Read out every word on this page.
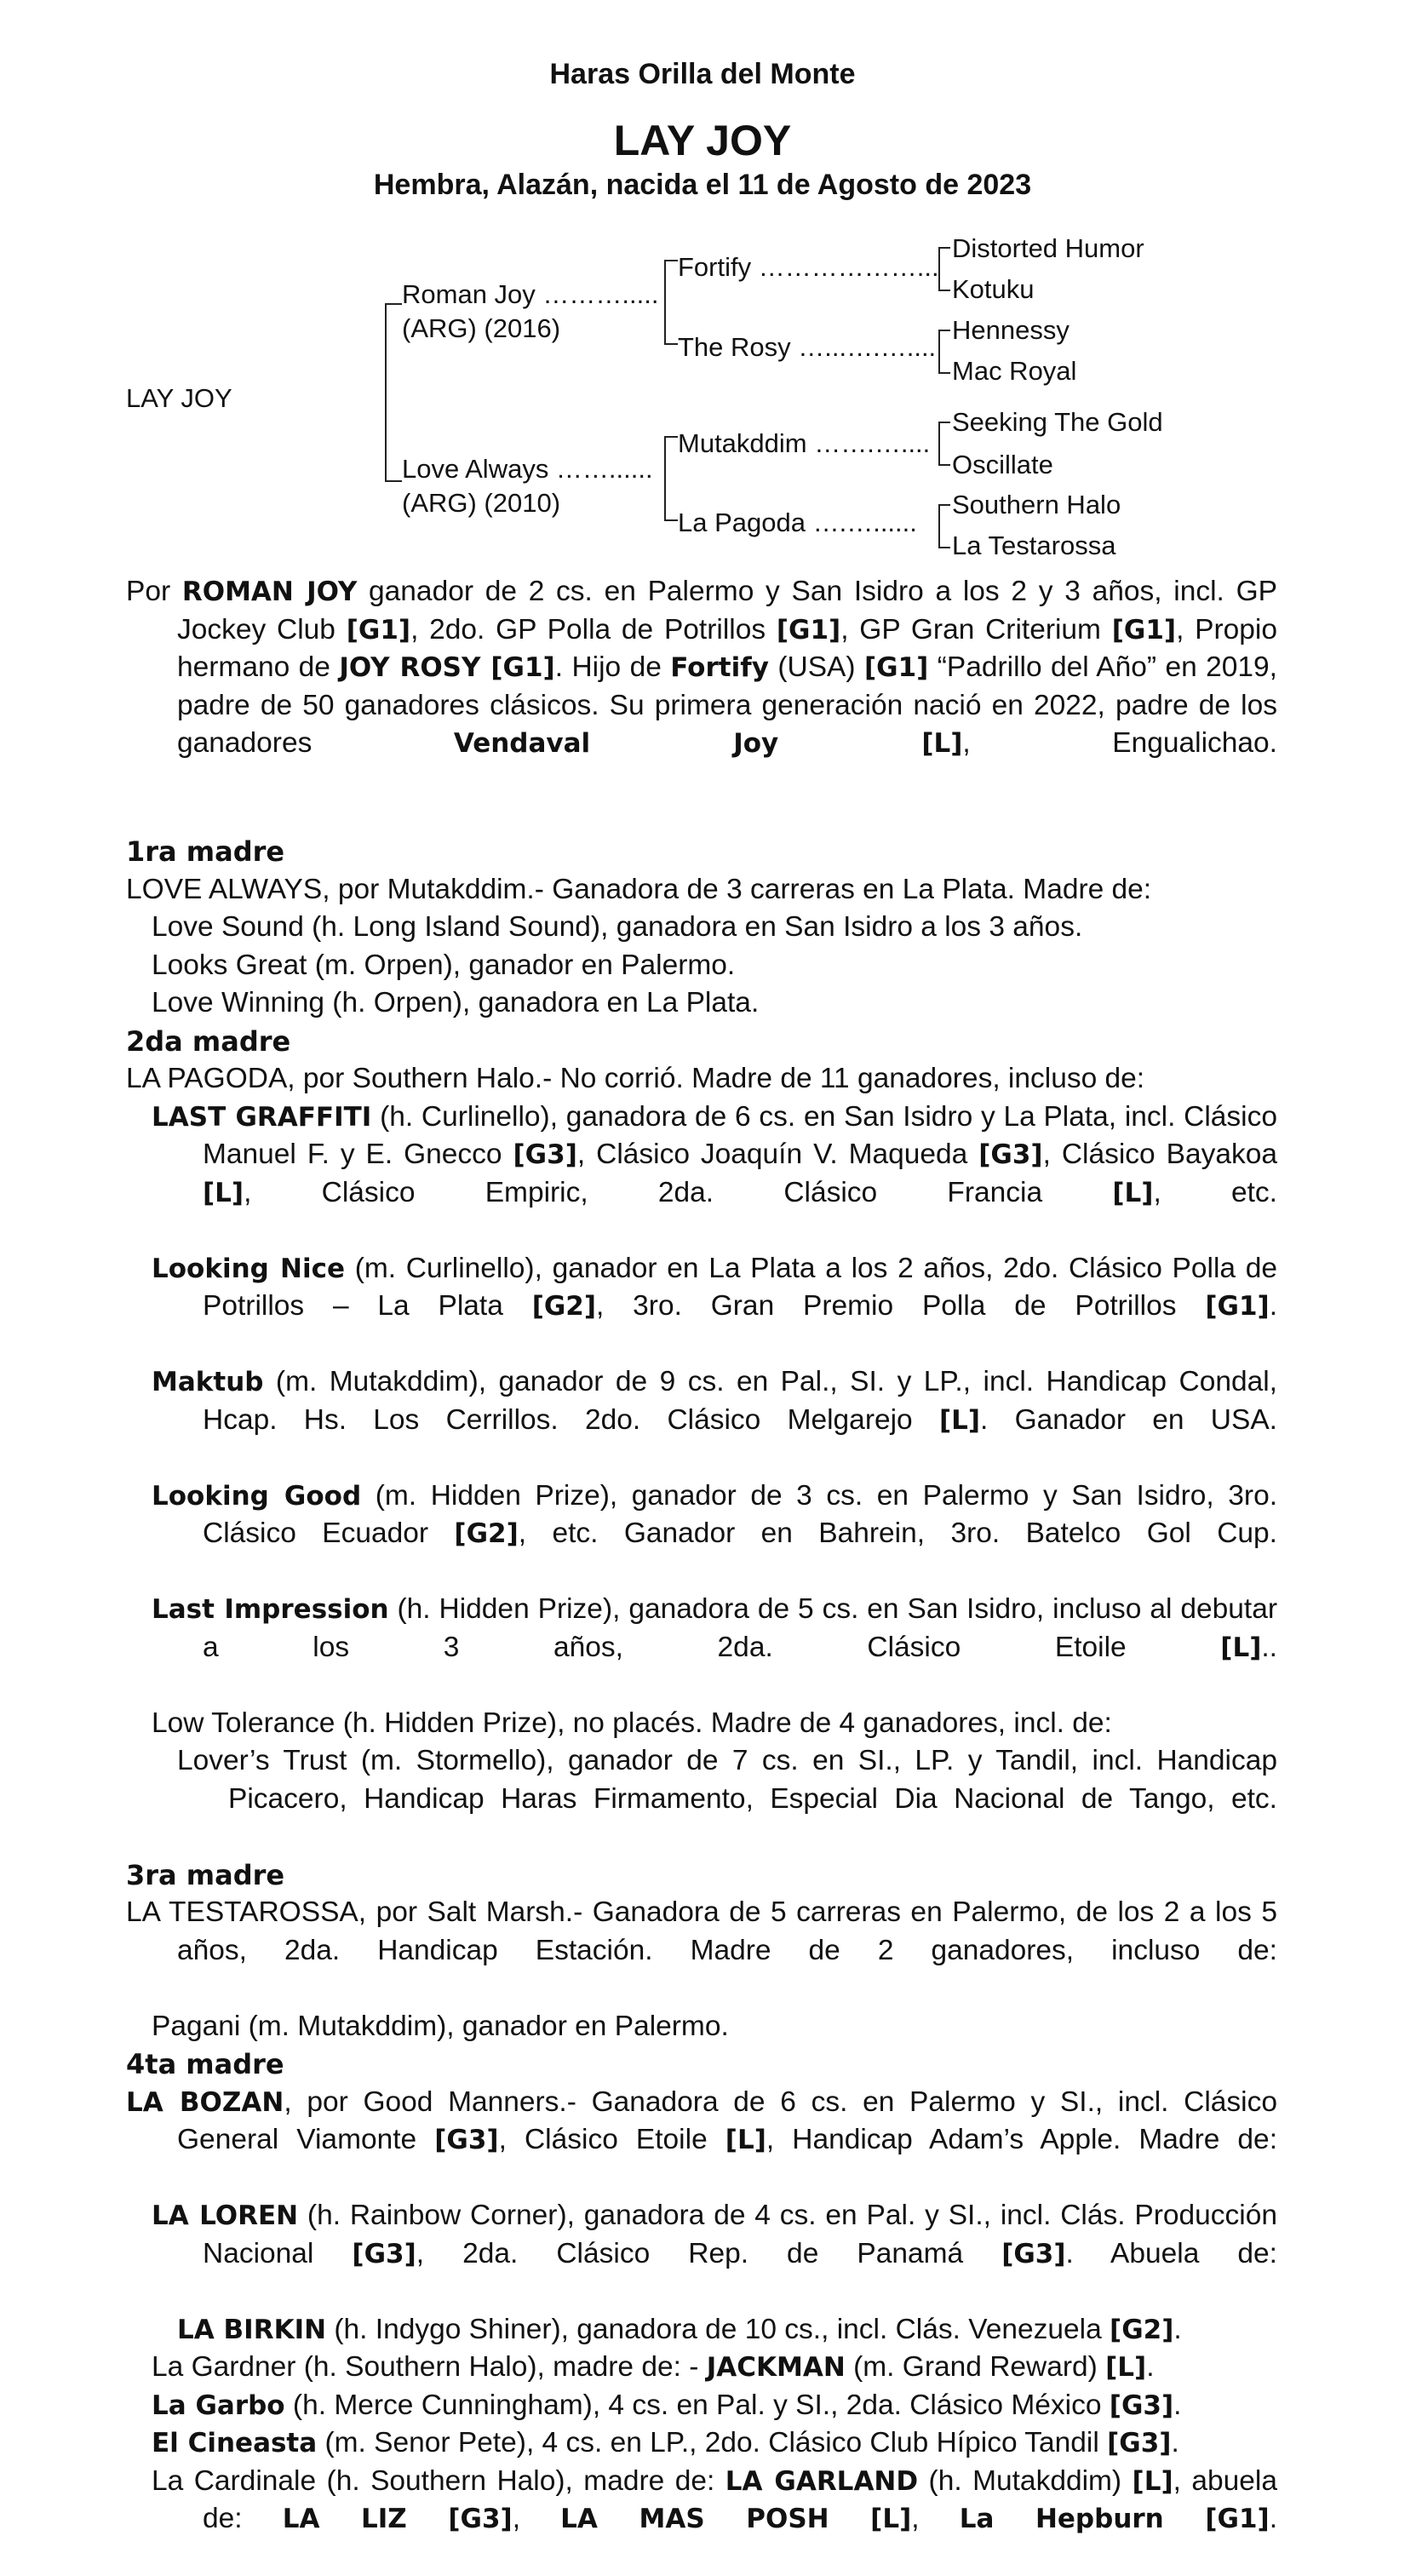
Haras Orilla del Monte
LAY JOY
Hembra, Alazán, nacida el 11 de Agosto de 2023
LAY JOY
Roman Joy ……….....
(ARG) (2016)
Love Always ……......
(ARG) (2010)
Fortify ………………...
The Rosy …...….…....
Mutakddim …….…....
La Pagoda ….…......
Distorted Humor
Kotuku
Hennessy
Mac Royal
Seeking The Gold
Oscillate
Southern Halo
La Testarossa
Por ROMAN JOY ganador de 2 cs. en Palermo y San Isidro a los 2 y 3 años, incl. GP Jockey Club [G1], 2do. GP Polla de Potrillos [G1], GP Gran Criterium [G1], Propio hermano de JOY ROSY [G1]. Hijo de Fortify (USA) [G1] “Padrillo del Año” en 2019, padre de 50 ganadores clásicos. Su primera generación nació en 2022, padre de los ganadores Vendaval Joy [L], Engualichao.
1ra madre
LOVE ALWAYS, por Mutakddim.- Ganadora de 3 carreras en La Plata. Madre de:
Love Sound (h. Long Island Sound), ganadora en San Isidro a los 3 años.
Looks Great (m. Orpen), ganador en Palermo.
Love Winning (h. Orpen), ganadora en La Plata.
2da madre
LA PAGODA, por Southern Halo.- No corrió. Madre de 11 ganadores, incluso de:
LAST GRAFFITI (h. Curlinello), ganadora de 6 cs. en San Isidro y La Plata, incl. Clásico Manuel F. y E. Gnecco [G3], Clásico Joaquín V. Maqueda [G3], Clásico Bayakoa [L], Clásico Empiric, 2da. Clásico Francia [L], etc.
Looking Nice (m. Curlinello), ganador en La Plata a los 2 años, 2do. Clásico Polla de Potrillos – La Plata [G2], 3ro. Gran Premio Polla de Potrillos [G1].
Maktub (m. Mutakddim), ganador de 9 cs. en Pal., SI. y LP., incl. Handicap Condal, Hcap. Hs. Los Cerrillos. 2do. Clásico Melgarejo [L]. Ganador en USA.
Looking Good (m. Hidden Prize), ganador de 3 cs. en Palermo y San Isidro, 3ro. Clásico Ecuador [G2], etc. Ganador en Bahrein, 3ro. Batelco Gol Cup.
Last Impression (h. Hidden Prize), ganadora de 5 cs. en San Isidro, incluso al debutar a los 3 años, 2da. Clásico Etoile [L]..
Low Tolerance (h. Hidden Prize), no placés. Madre de 4 ganadores, incl. de:
Lover’s Trust (m. Stormello), ganador de 7 cs. en SI., LP. y Tandil, incl. Handicap Picacero, Handicap Haras Firmamento, Especial Dia Nacional de Tango, etc.
3ra madre
LA TESTAROSSA, por Salt Marsh.- Ganadora de 5 carreras en Palermo, de los 2 a los 5 años, 2da. Handicap Estación. Madre de 2 ganadores, incluso de:
Pagani (m. Mutakddim), ganador en Palermo.
4ta madre
LA BOZAN, por Good Manners.- Ganadora de 6 cs. en Palermo y SI., incl. Clásico General Viamonte [G3], Clásico Etoile [L], Handicap Adam’s Apple. Madre de:
LA LOREN (h. Rainbow Corner), ganadora de 4 cs. en Pal. y SI., incl. Clás. Producción Nacional [G3], 2da. Clásico Rep. de Panamá [G3]. Abuela de:
LA BIRKIN (h. Indygo Shiner), ganadora de 10 cs., incl. Clás. Venezuela [G2].
La Gardner (h. Southern Halo), madre de: - JACKMAN (m. Grand Reward) [L].
La Garbo (h. Merce Cunningham), 4 cs. en Pal. y SI., 2da. Clásico México [G3].
El Cineasta (m. Senor Pete), 4 cs. en LP., 2do. Clásico Club Hípico Tandil [G3].
La Cardinale (h. Southern Halo), madre de: LA GARLAND (h. Mutakddim) [L], abuela de: LA LIZ [G3], LA MAS POSH [L], La Hepburn [G1].
